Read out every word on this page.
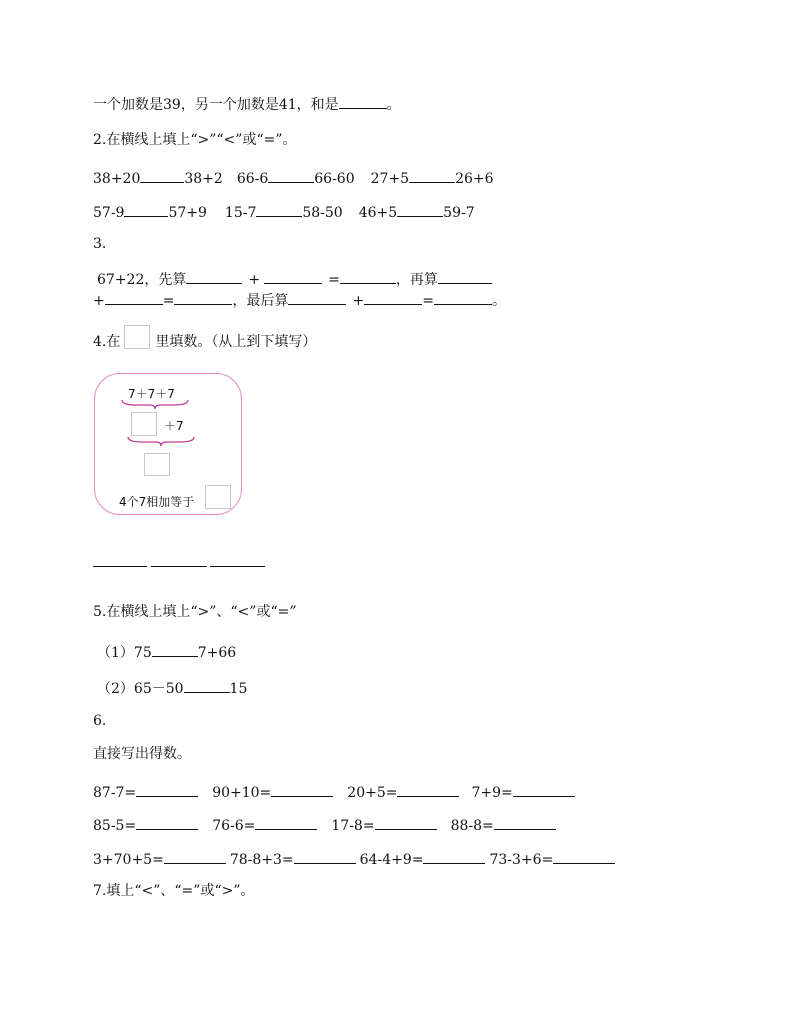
一个加数是39，另一个加数是41，和是	。
2.在横线上填上“>”“<”或“=”。
38+20	38+2 66-6	66-60 27+5	26+6
57-9	57+9 15-7	58-50 46+5	59-7
3.
67+22，先算	+	=	，再算
+	=	，最后算	+	=	。
4.在	里填数。（从上到下填写）
7＋7＋7
＋7
4个7相加等于
5.在横线上填上“>”、“<”或“=”
（1）75	7+66
（2）65－50	15
6.
直接写出得数。
87-7=	90+10=	20+5=	7+9=
85-5=	76-6=	17-8=	88-8=
3+70+5=	78-8+3=	64-4+9=	73-3+6=
7.填上“<”、“=”或“>”。
